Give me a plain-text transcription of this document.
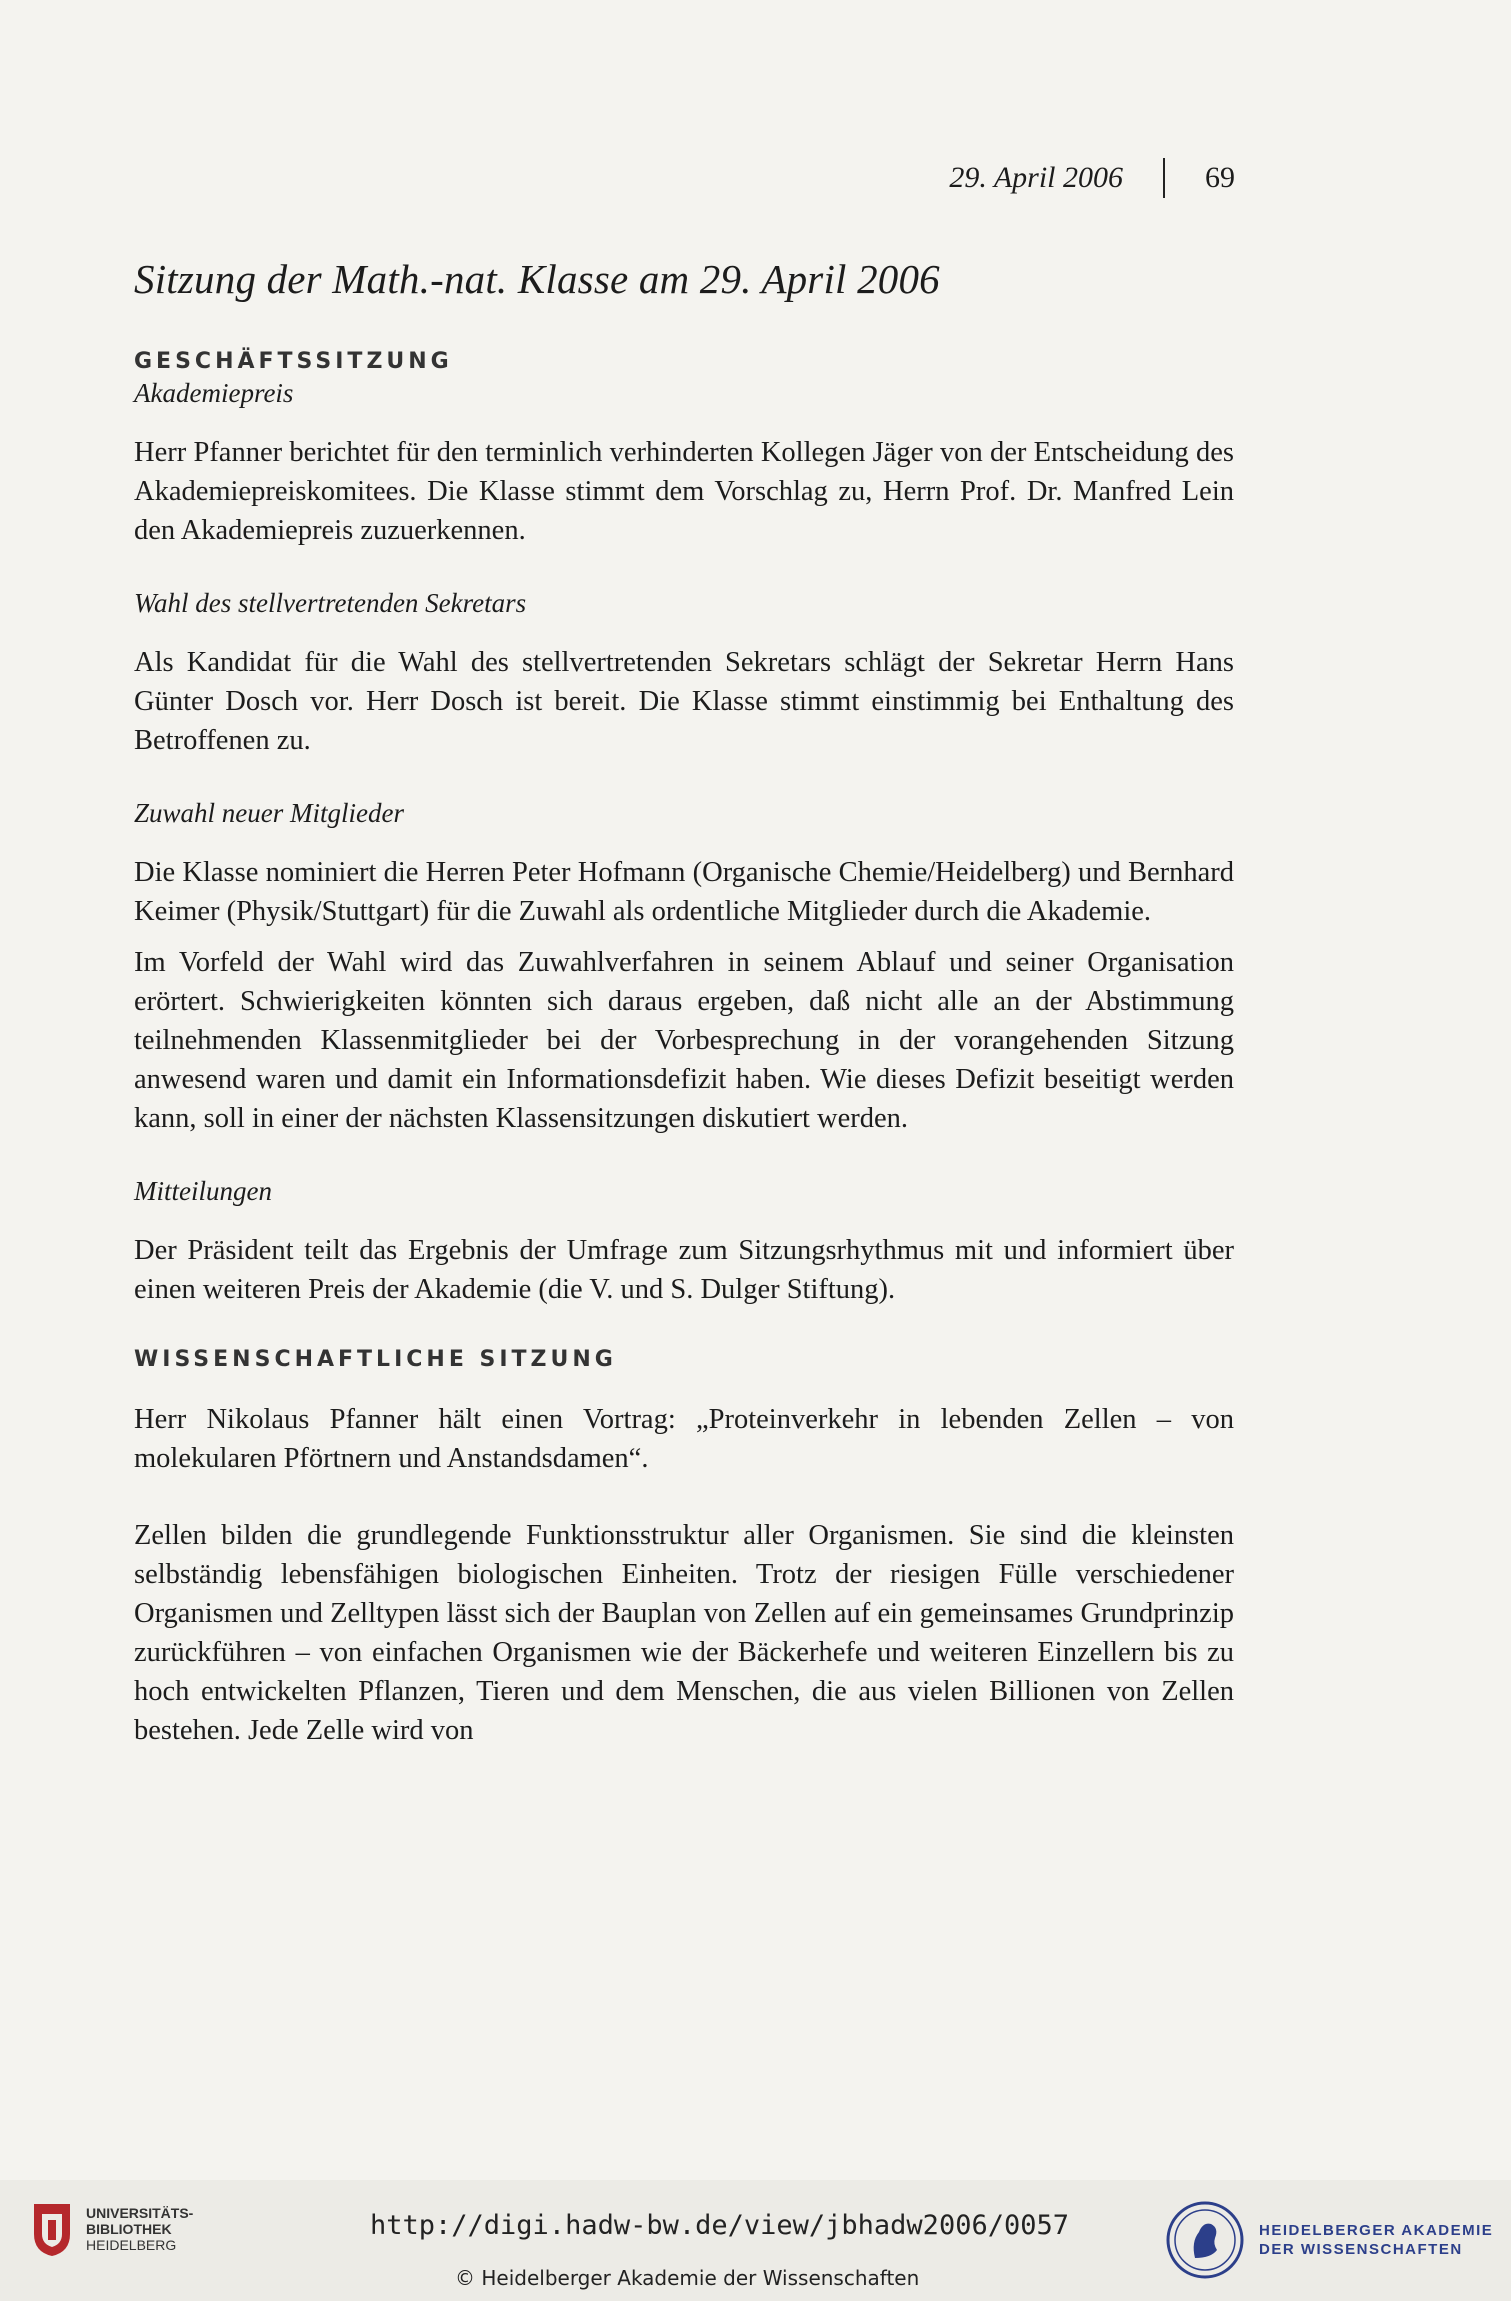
29. April 2006	69
Sitzung der Math.-nat. Klasse am 29. April 2006
GESCHÄFTSSITZUNG
Akademiepreis

Herr Pfanner berichtet für den terminlich verhinderten Kollegen Jäger von der Entscheidung des Akademiepreiskomitees. Die Klasse stimmt dem Vorschlag zu, Herrn Prof. Dr. Manfred Lein den Akademiepreis zuzuerkennen.

Wahl des stellvertretenden Sekretars

Als Kandidat für die Wahl des stellvertretenden Sekretars schlägt der Sekretar Herrn Hans Günter Dosch vor. Herr Dosch ist bereit. Die Klasse stimmt einstimmig bei Enthaltung des Betroffenen zu.

Zuwahl neuer Mitglieder

Die Klasse nominiert die Herren Peter Hofmann (Organische Chemie/Heidelberg) und Bernhard Keimer (Physik/Stuttgart) für die Zuwahl als ordentliche Mitglieder durch die Akademie.

Im Vorfeld der Wahl wird das Zuwahlverfahren in seinem Ablauf und seiner Organisation erörtert. Schwierigkeiten könnten sich daraus ergeben, daß nicht alle an der Abstimmung teilnehmenden Klassenmitglieder bei der Vorbesprechung in der vorangehenden Sitzung anwesend waren und damit ein Informationsdefizit haben. Wie dieses Defizit beseitigt werden kann, soll in einer der nächsten Klassensitzungen diskutiert werden.

Mitteilungen

Der Präsident teilt das Ergebnis der Umfrage zum Sitzungsrhythmus mit und informiert über einen weiteren Preis der Akademie (die V. und S. Dulger Stiftung).

WISSENSCHAFTLICHE SITZUNG

Herr Nikolaus Pfanner hält einen Vortrag: „Proteinverkehr in lebenden Zellen – von molekularen Pförtnern und Anstandsdamen“.

Zellen bilden die grundlegende Funktionsstruktur aller Organismen. Sie sind die kleinsten selbständig lebensfähigen biologischen Einheiten. Trotz der riesigen Fülle verschiedener Organismen und Zelltypen lässt sich der Bauplan von Zellen auf ein gemeinsames Grundprinzip zurückführen – von einfachen Organismen wie der Bäckerhefe und weiteren Einzellern bis zu hoch entwickelten Pflanzen, Tieren und dem Menschen, die aus vielen Billionen von Zellen bestehen. Jede Zelle wird von

UNIVERSITÄTS-
BIBLIOTHEK
HEIDELBERG
http://digi.hadw-bw.de/view/jbhadw2006/0057
© Heidelberger Akademie der Wissenschaften
HEIDELBERGER AKADEMIE
DER WISSENSCHAFTEN
